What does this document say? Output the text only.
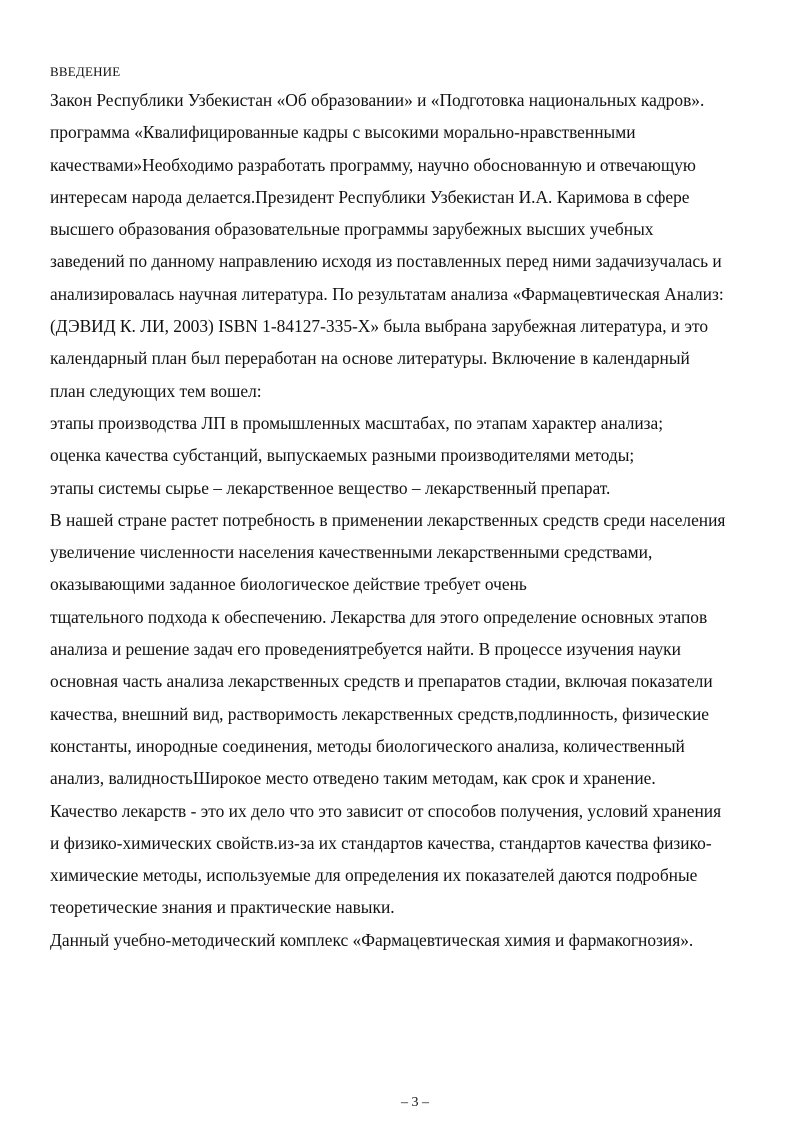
ВВЕДЕНИЕ

Закон Республики Узбекистан «Об образовании» и «Подготовка национальных кадров».

программа «Квалифицированные кадры с высокими морально-нравственными

качествами»Необходимо разработать программу, научно обоснованную и отвечающую

интересам народа делается.Президент Республики Узбекистан И.А. Каримова в сфере

высшего образования образовательные программы зарубежных высших учебных

заведений по данному направлению исходя из поставленных перед ними задачизучалась и

анализировалась научная литература. По результатам анализа «Фармацевтическая Анализ:

(ДЭВИД К. ЛИ, 2003) ISBN 1-84127-335-X» была выбрана зарубежная литература, и это

календарный план был переработан на основе литературы. Включение в календарный

план следующих тем вошел:

этапы производства ЛП в промышленных масштабах, по этапам характер анализа;

оценка качества субстанций, выпускаемых разными производителями методы;

этапы системы сырье – лекарственное вещество – лекарственный препарат.

В нашей стране растет потребность в применении лекарственных средств среди населения

увеличение численности населения качественными лекарственными средствами,

оказывающими заданное биологическое действие требует очень

тщательного подхода к обеспечению. Лекарства для этого определение основных этапов

анализа и решение задач его проведениятребуется найти. В процессе изучения науки

основная часть анализа лекарственных средств и препаратов стадии, включая показатели

качества, внешний вид, растворимость лекарственных средств,подлинность, физические

константы, инородные соединения, методы биологического анализа, количественный

анализ, валидностьШирокое место отведено таким методам, как срок и хранение.

Качество лекарств - это их дело что это зависит от способов получения, условий хранения

и физико-химических свойств.из-за их стандартов качества, стандартов качества физико-

химические методы, используемые для определения их показателей даются подробные

теоретические знания и практические навыки.

Данный учебно-методический комплекс «Фармацевтическая химия и фармакогнозия».

– 3 –
